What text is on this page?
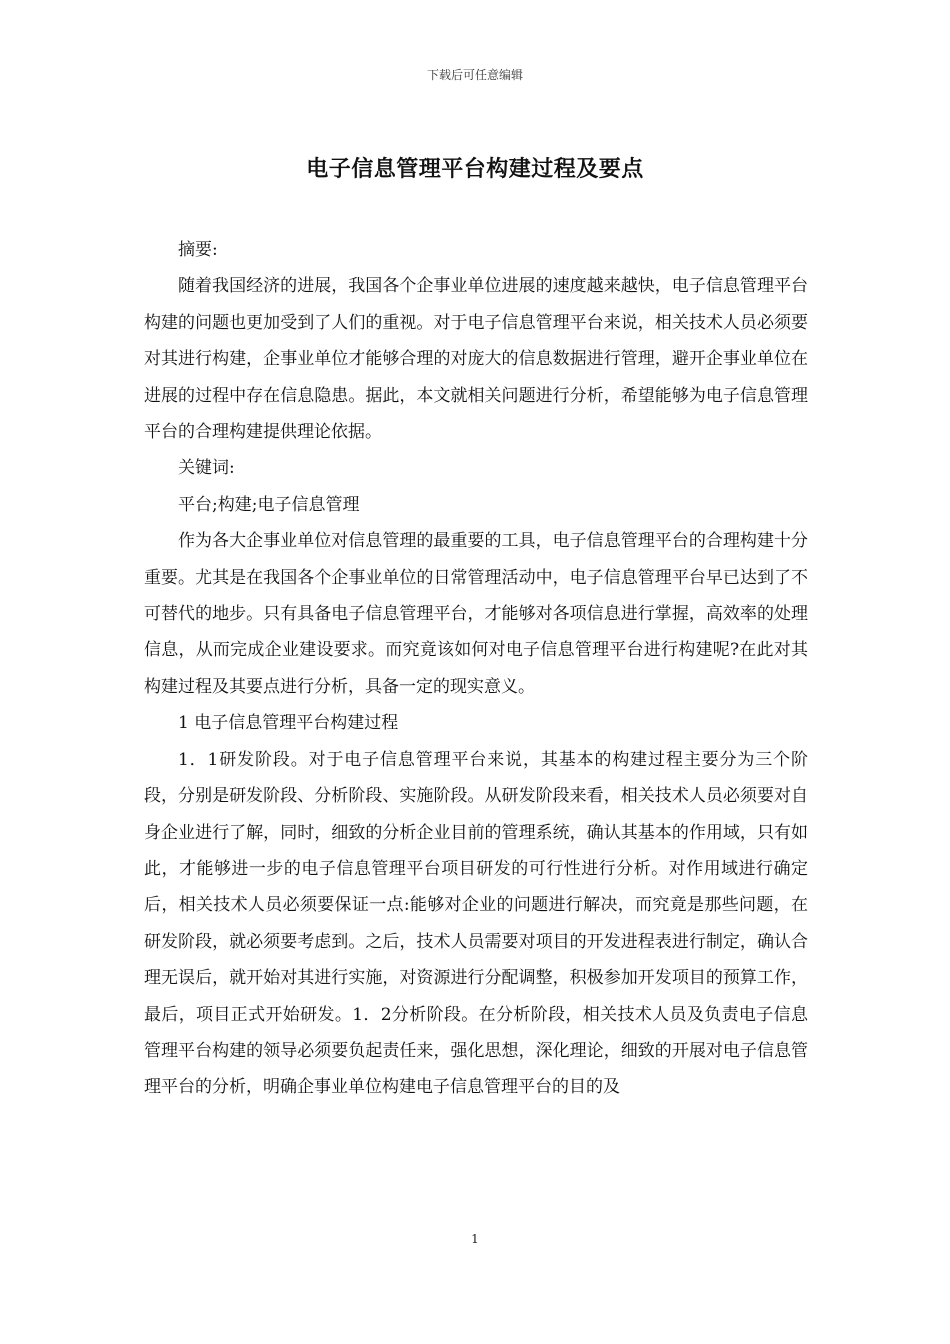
下载后可任意编辑
电子信息管理平台构建过程及要点

摘要:

随着我国经济的进展，我国各个企事业单位进展的速度越来越快，电子信息管理平台构建的问题也更加受到了人们的重视。对于电子信息管理平台来说，相关技术人员必须要对其进行构建，企事业单位才能够合理的对庞大的信息数据进行管理，避开企事业单位在进展的过程中存在信息隐患。据此，本文就相关问题进行分析，希望能够为电子信息管理平台的合理构建提供理论依据。

关键词:

平台;构建;电子信息管理

作为各大企事业单位对信息管理的最重要的工具，电子信息管理平台的合理构建十分重要。尤其是在我国各个企事业单位的日常管理活动中，电子信息管理平台早已达到了不可替代的地步。只有具备电子信息管理平台，才能够对各项信息进行掌握，高效率的处理信息，从而完成企业建设要求。而究竟该如何对电子信息管理平台进行构建呢?在此对其构建过程及其要点进行分析，具备一定的现实意义。

1 电子信息管理平台构建过程

1．1研发阶段。对于电子信息管理平台来说，其基本的构建过程主要分为三个阶段，分别是研发阶段、分析阶段、实施阶段。从研发阶段来看，相关技术人员必须要对自身企业进行了解，同时，细致的分析企业目前的管理系统，确认其基本的作用域，只有如此，才能够进一步的电子信息管理平台项目研发的可行性进行分析。对作用域进行确定后，相关技术人员必须要保证一点:能够对企业的问题进行解决，而究竟是那些问题，在研发阶段，就必须要考虑到。之后，技术人员需要对项目的开发进程表进行制定，确认合理无误后，就开始对其进行实施，对资源进行分配调整，积极参加开发项目的预算工作，最后，项目正式开始研发。1．2分析阶段。在分析阶段，相关技术人员及负责电子信息管理平台构建的领导必须要负起责任来，强化思想，深化理论，细致的开展对电子信息管理平台的分析，明确企事业单位构建电子信息管理平台的目的及

1
